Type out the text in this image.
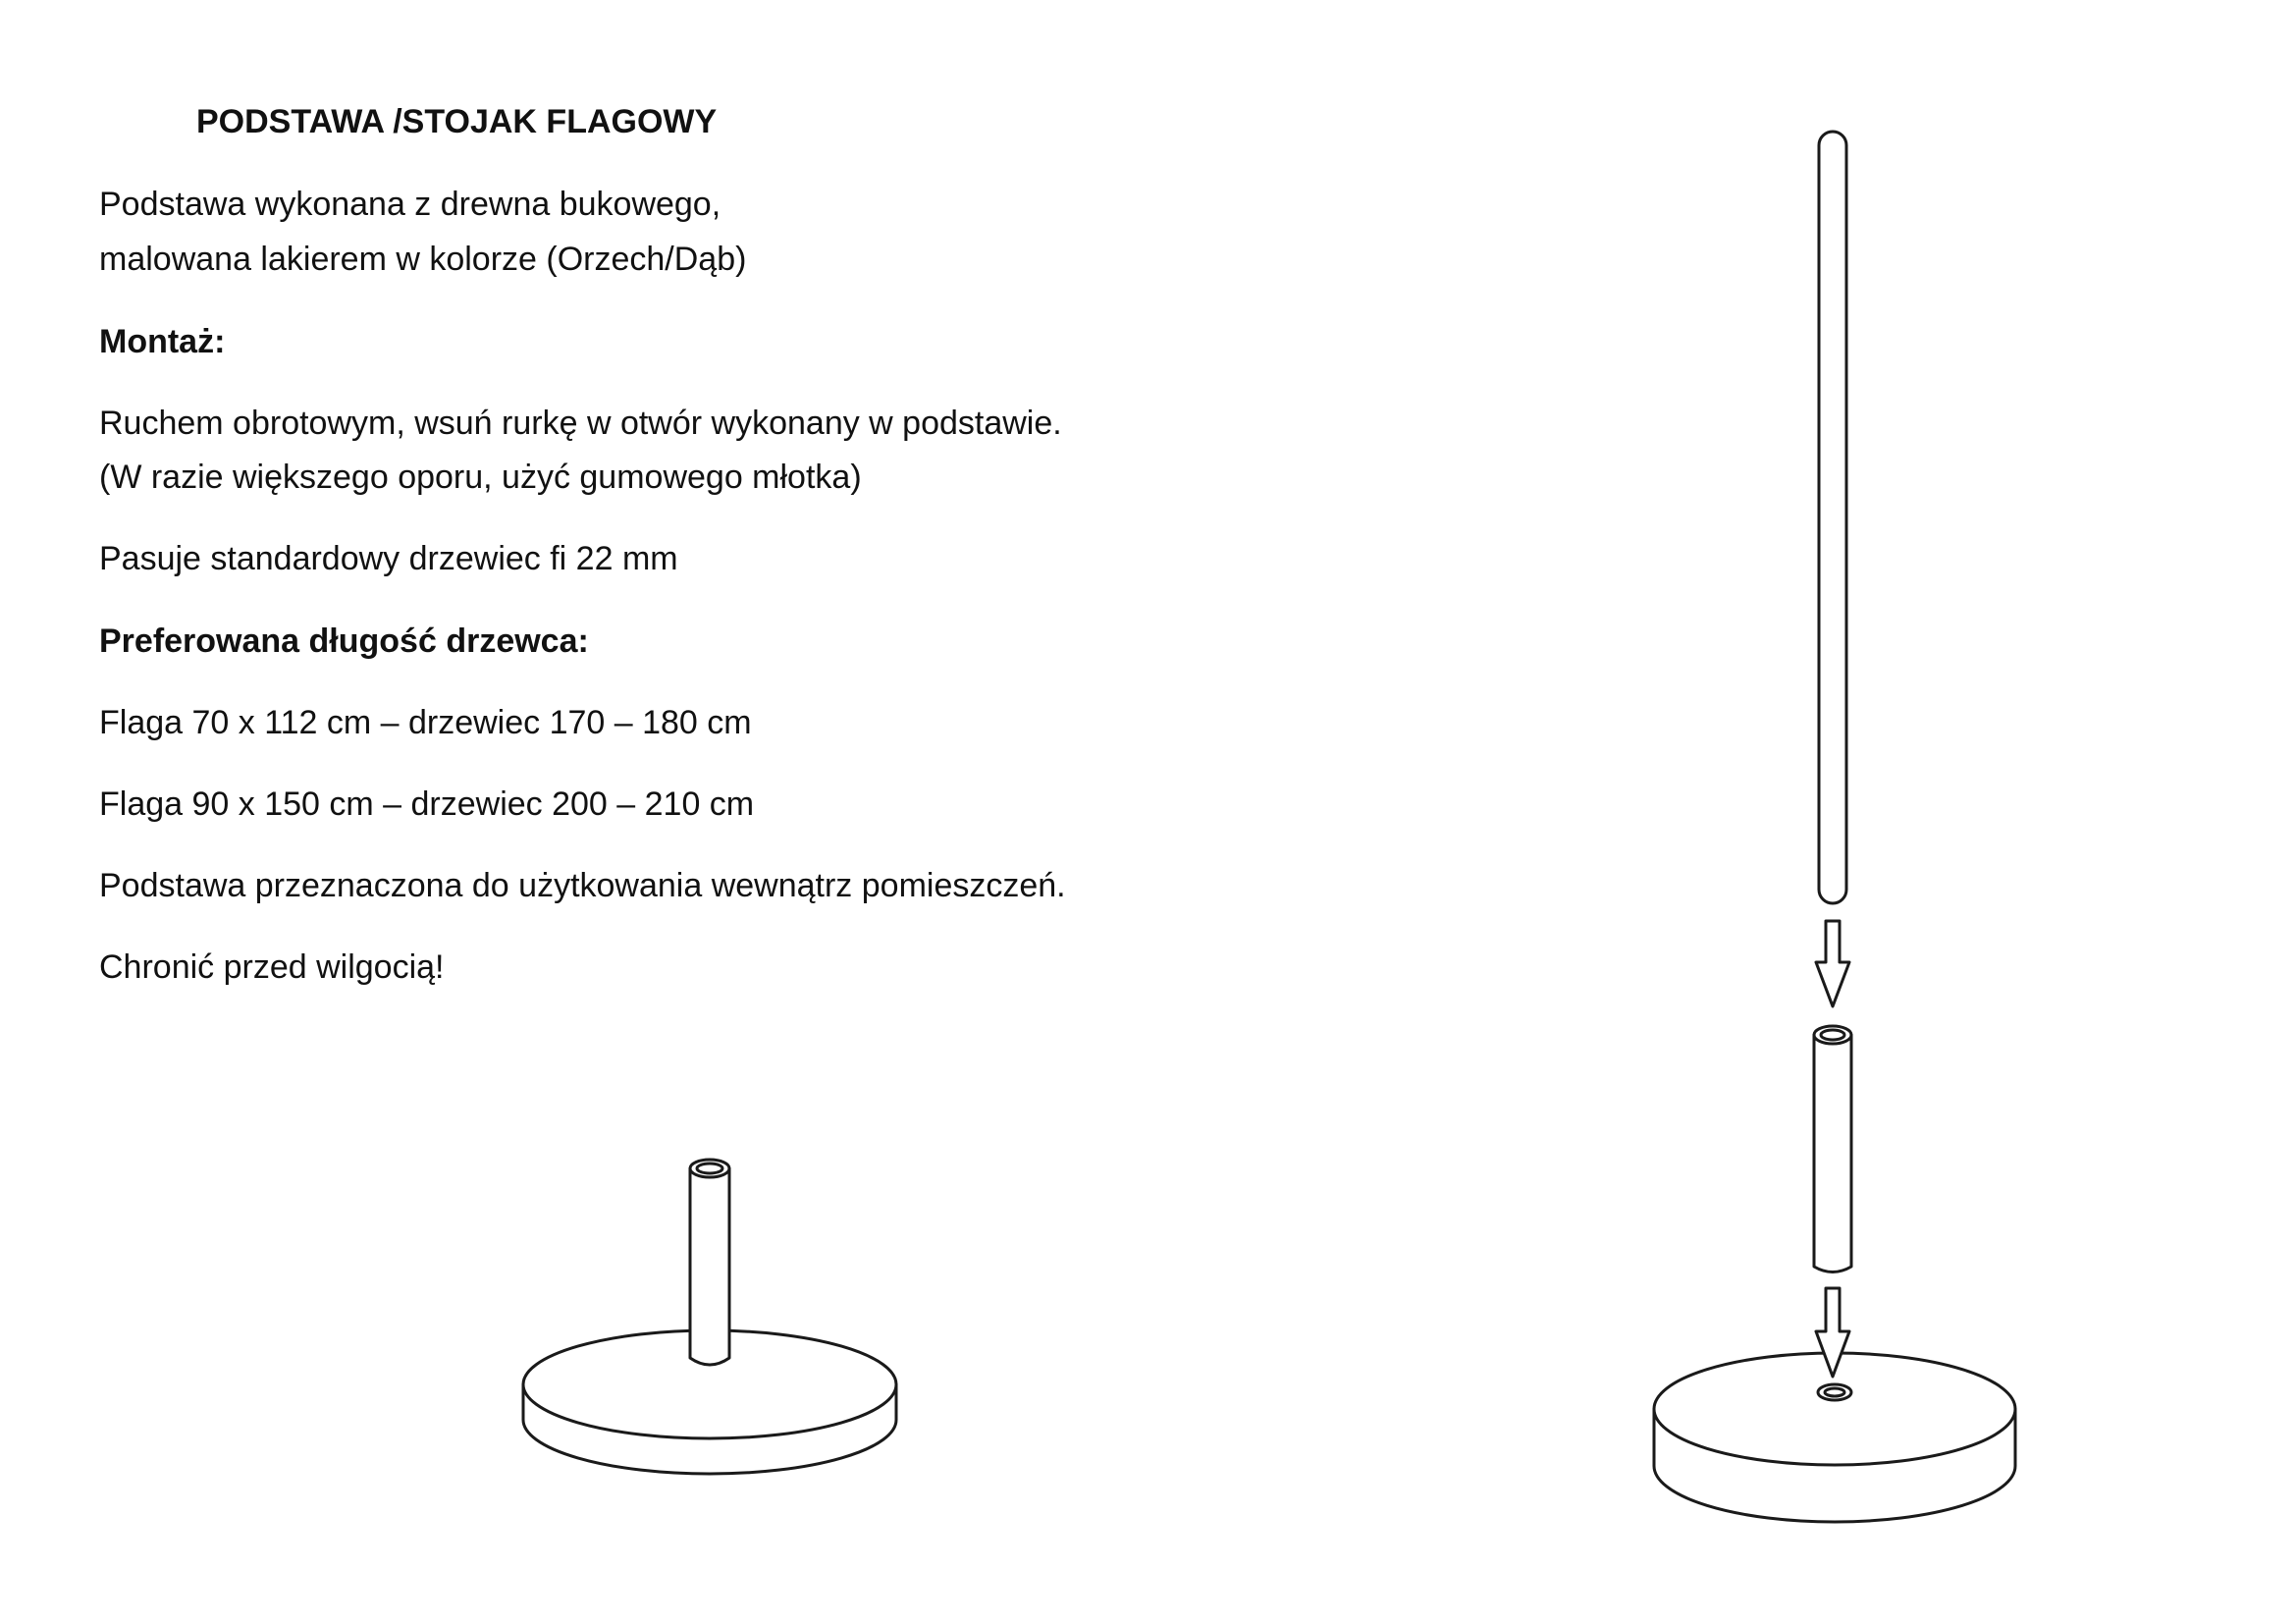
PODSTAWA /STOJAK FLAGOWY
Podstawa wykonana z drewna bukowego,
malowana lakierem w kolorze (Orzech/Dąb)
Montaż:
Ruchem obrotowym, wsuń rurkę w otwór wykonany w podstawie.
(W razie większego oporu, użyć gumowego młotka)
Pasuje standardowy drzewiec fi 22 mm
Preferowana długość drzewca:
Flaga 70 x 112 cm – drzewiec 170 – 180 cm
Flaga 90 x 150 cm – drzewiec 200 – 210 cm
Podstawa przeznaczona do użytkowania wewnątrz pomieszczeń.
Chronić przed wilgocią!
